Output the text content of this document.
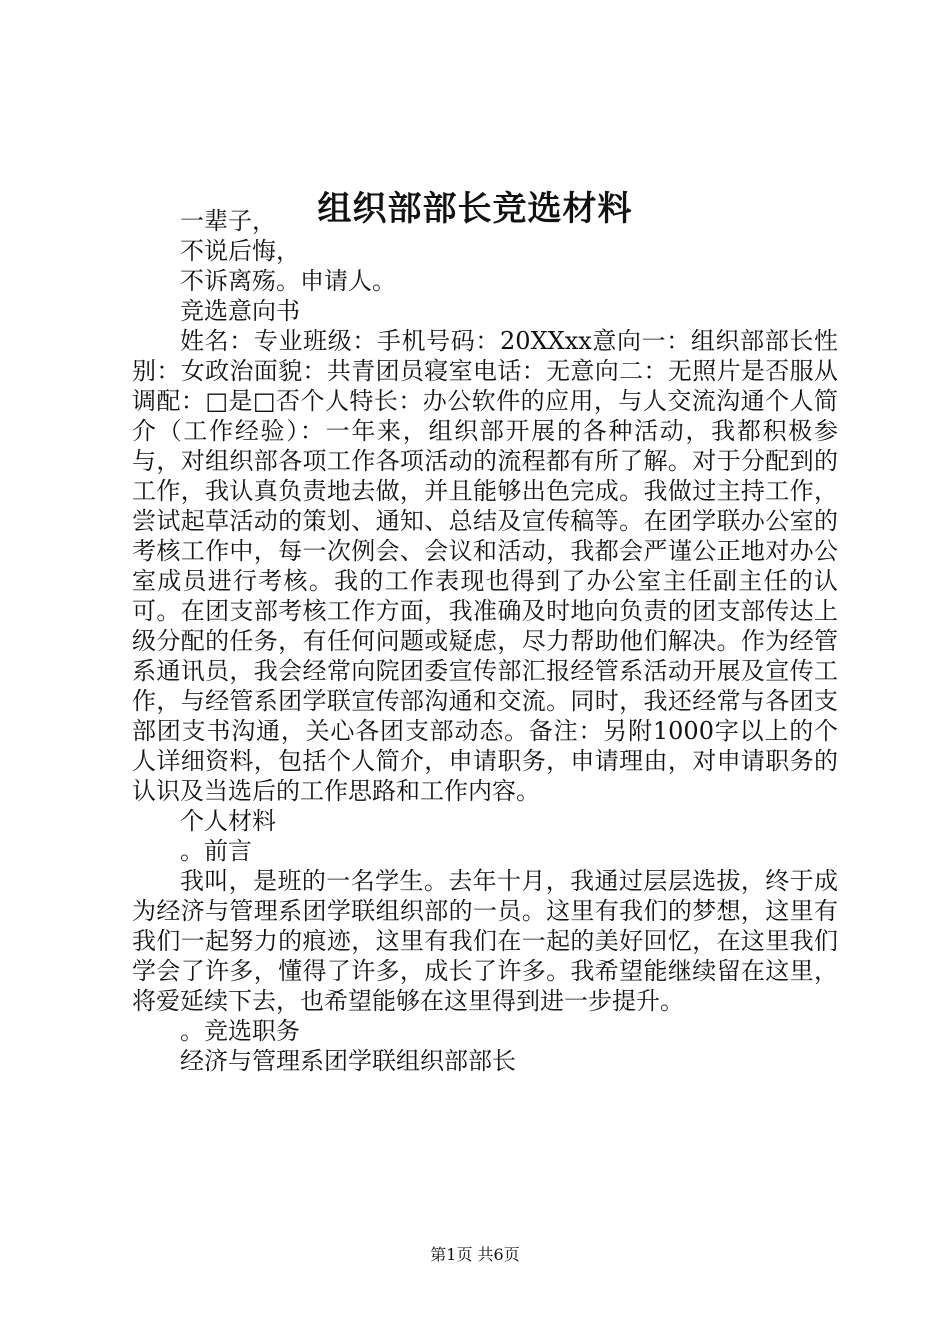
组织部部长竞选材料

一辈子，

不说后悔，

不诉离殇。申请人。

竞选意向书

姓名：专业班级：手机号码：20XXxx意向一：组织部部长性别：女政治面貌：共青团员寝室电话：无意向二：无照片是否服从调配：□是□否个人特长：办公软件的应用，与人交流沟通个人简介（工作经验）：一年来，组织部开展的各种活动，我都积极参与，对组织部各项工作各项活动的流程都有所了解。对于分配到的工作，我认真负责地去做，并且能够出色完成。我做过主持工作，尝试起草活动的策划、通知、总结及宣传稿等。在团学联办公室的考核工作中，每一次例会、会议和活动，我都会严谨公正地对办公室成员进行考核。我的工作表现也得到了办公室主任副主任的认可。在团支部考核工作方面，我准确及时地向负责的团支部传达上级分配的任务，有任何问题或疑虑，尽力帮助他们解决。作为经管系通讯员，我会经常向院团委宣传部汇报经管系活动开展及宣传工作，与经管系团学联宣传部沟通和交流。同时，我还经常与各团支部团支书沟通，关心各团支部动态。备注：另附1000字以上的个人详细资料，包括个人简介，申请职务，申请理由，对申请职务的认识及当选后的工作思路和工作内容。

个人材料

。前言

我叫，是班的一名学生。去年十月，我通过层层选拔，终于成为经济与管理系团学联组织部的一员。这里有我们的梦想，这里有我们一起努力的痕迹，这里有我们在一起的美好回忆，在这里我们学会了许多，懂得了许多，成长了许多。我希望能继续留在这里，将爱延续下去，也希望能够在这里得到进一步提升。

。竞选职务

经济与管理系团学联组织部部长

第1页 共6页
